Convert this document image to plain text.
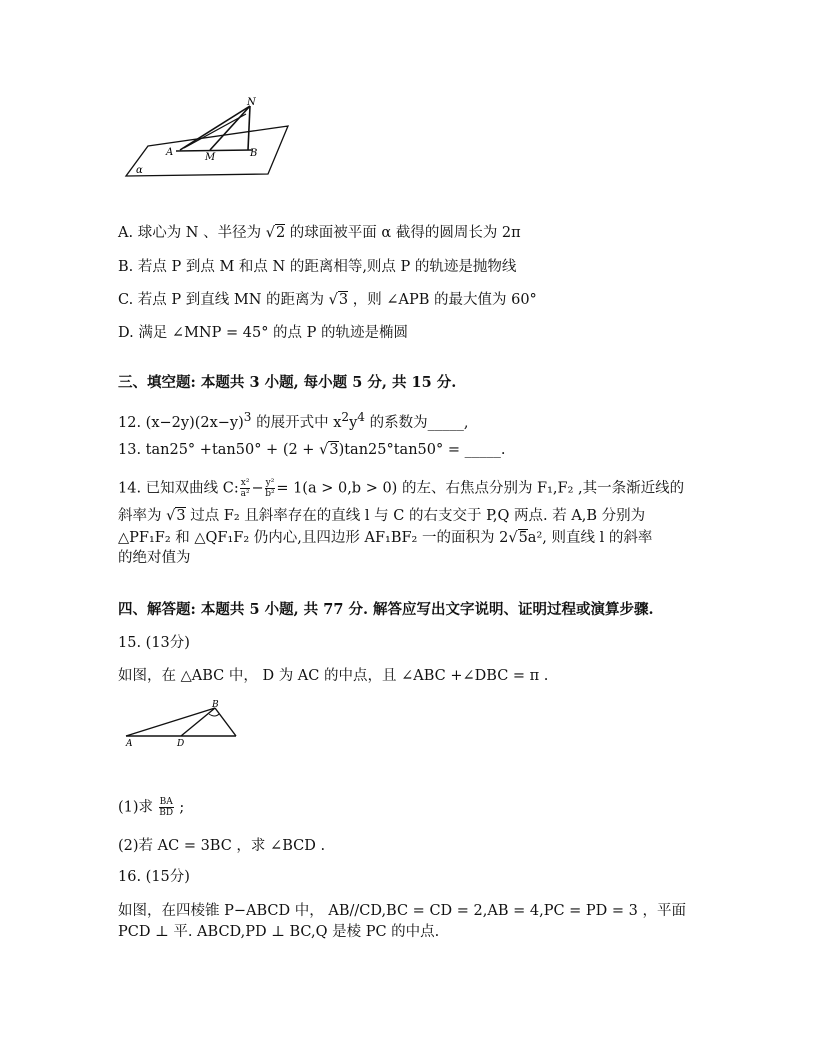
N
A	M	B
α
A. 球心为 N 、半径为 √2 的球面被平面 α 截得的圆周长为 2π
B. 若点 P 到点 M 和点 N 的距离相等,则点 P 的轨迹是抛物线
C. 若点 P 到直线 MN 的距离为 √3 ，则 ∠APB 的最大值为 60°
D. 满足 ∠MNP = 45° 的点 P 的轨迹是椭圆
三、填空题: 本题共 3 小题, 每小题 5 分, 共 15 分.
12. $(x-2y)(2x-y)^3$ 的展开式中 $x^2y^4$ 的系数为_____,
13. tan25° +tan50° + (2 + √3)tan25°tan50° = _____.
14. 已知双曲线 C: $\frac{\text{x²}}{\text{a²}} - \frac{\text{y²}}{\text{b²}} = 1(a > 0,b > 0)$ 的左、右焦点分别为 F₁,F₂ ,其一条渐近线的
斜率为 √3 过点 F₂ 且斜率存在的直线 l 与 C 的右支交于 P,Q 两点. 若 A,B 分别为
△PF₁F₂ 和 △QF₁F₂ 仍内心,且四边形 AF₁BF₂ 一的面积为 2√5a², 则直线 l 的斜率
的绝对值为
四、解答题: 本题共 5 小题, 共 77 分. 解答应写出文字说明、证明过程或演算步骤.
15. (13分)
如图，在 △ABC 中， D 为 AC 的中点，且 ∠ABC +∠DBC = π .
A	D
B
(1)求 $\frac{BA}{BD}$ ;
(2)若 AC = 3BC ，求 ∠BCD .
16. (15分)
如图，在四棱锥 P−ABCD 中， AB//CD,BC = CD = 2,AB = 4,PC = PD = 3 ，平面
PCD ⊥ 平. ABCD,PD ⊥ BC,Q 是棱 PC 的中点.
